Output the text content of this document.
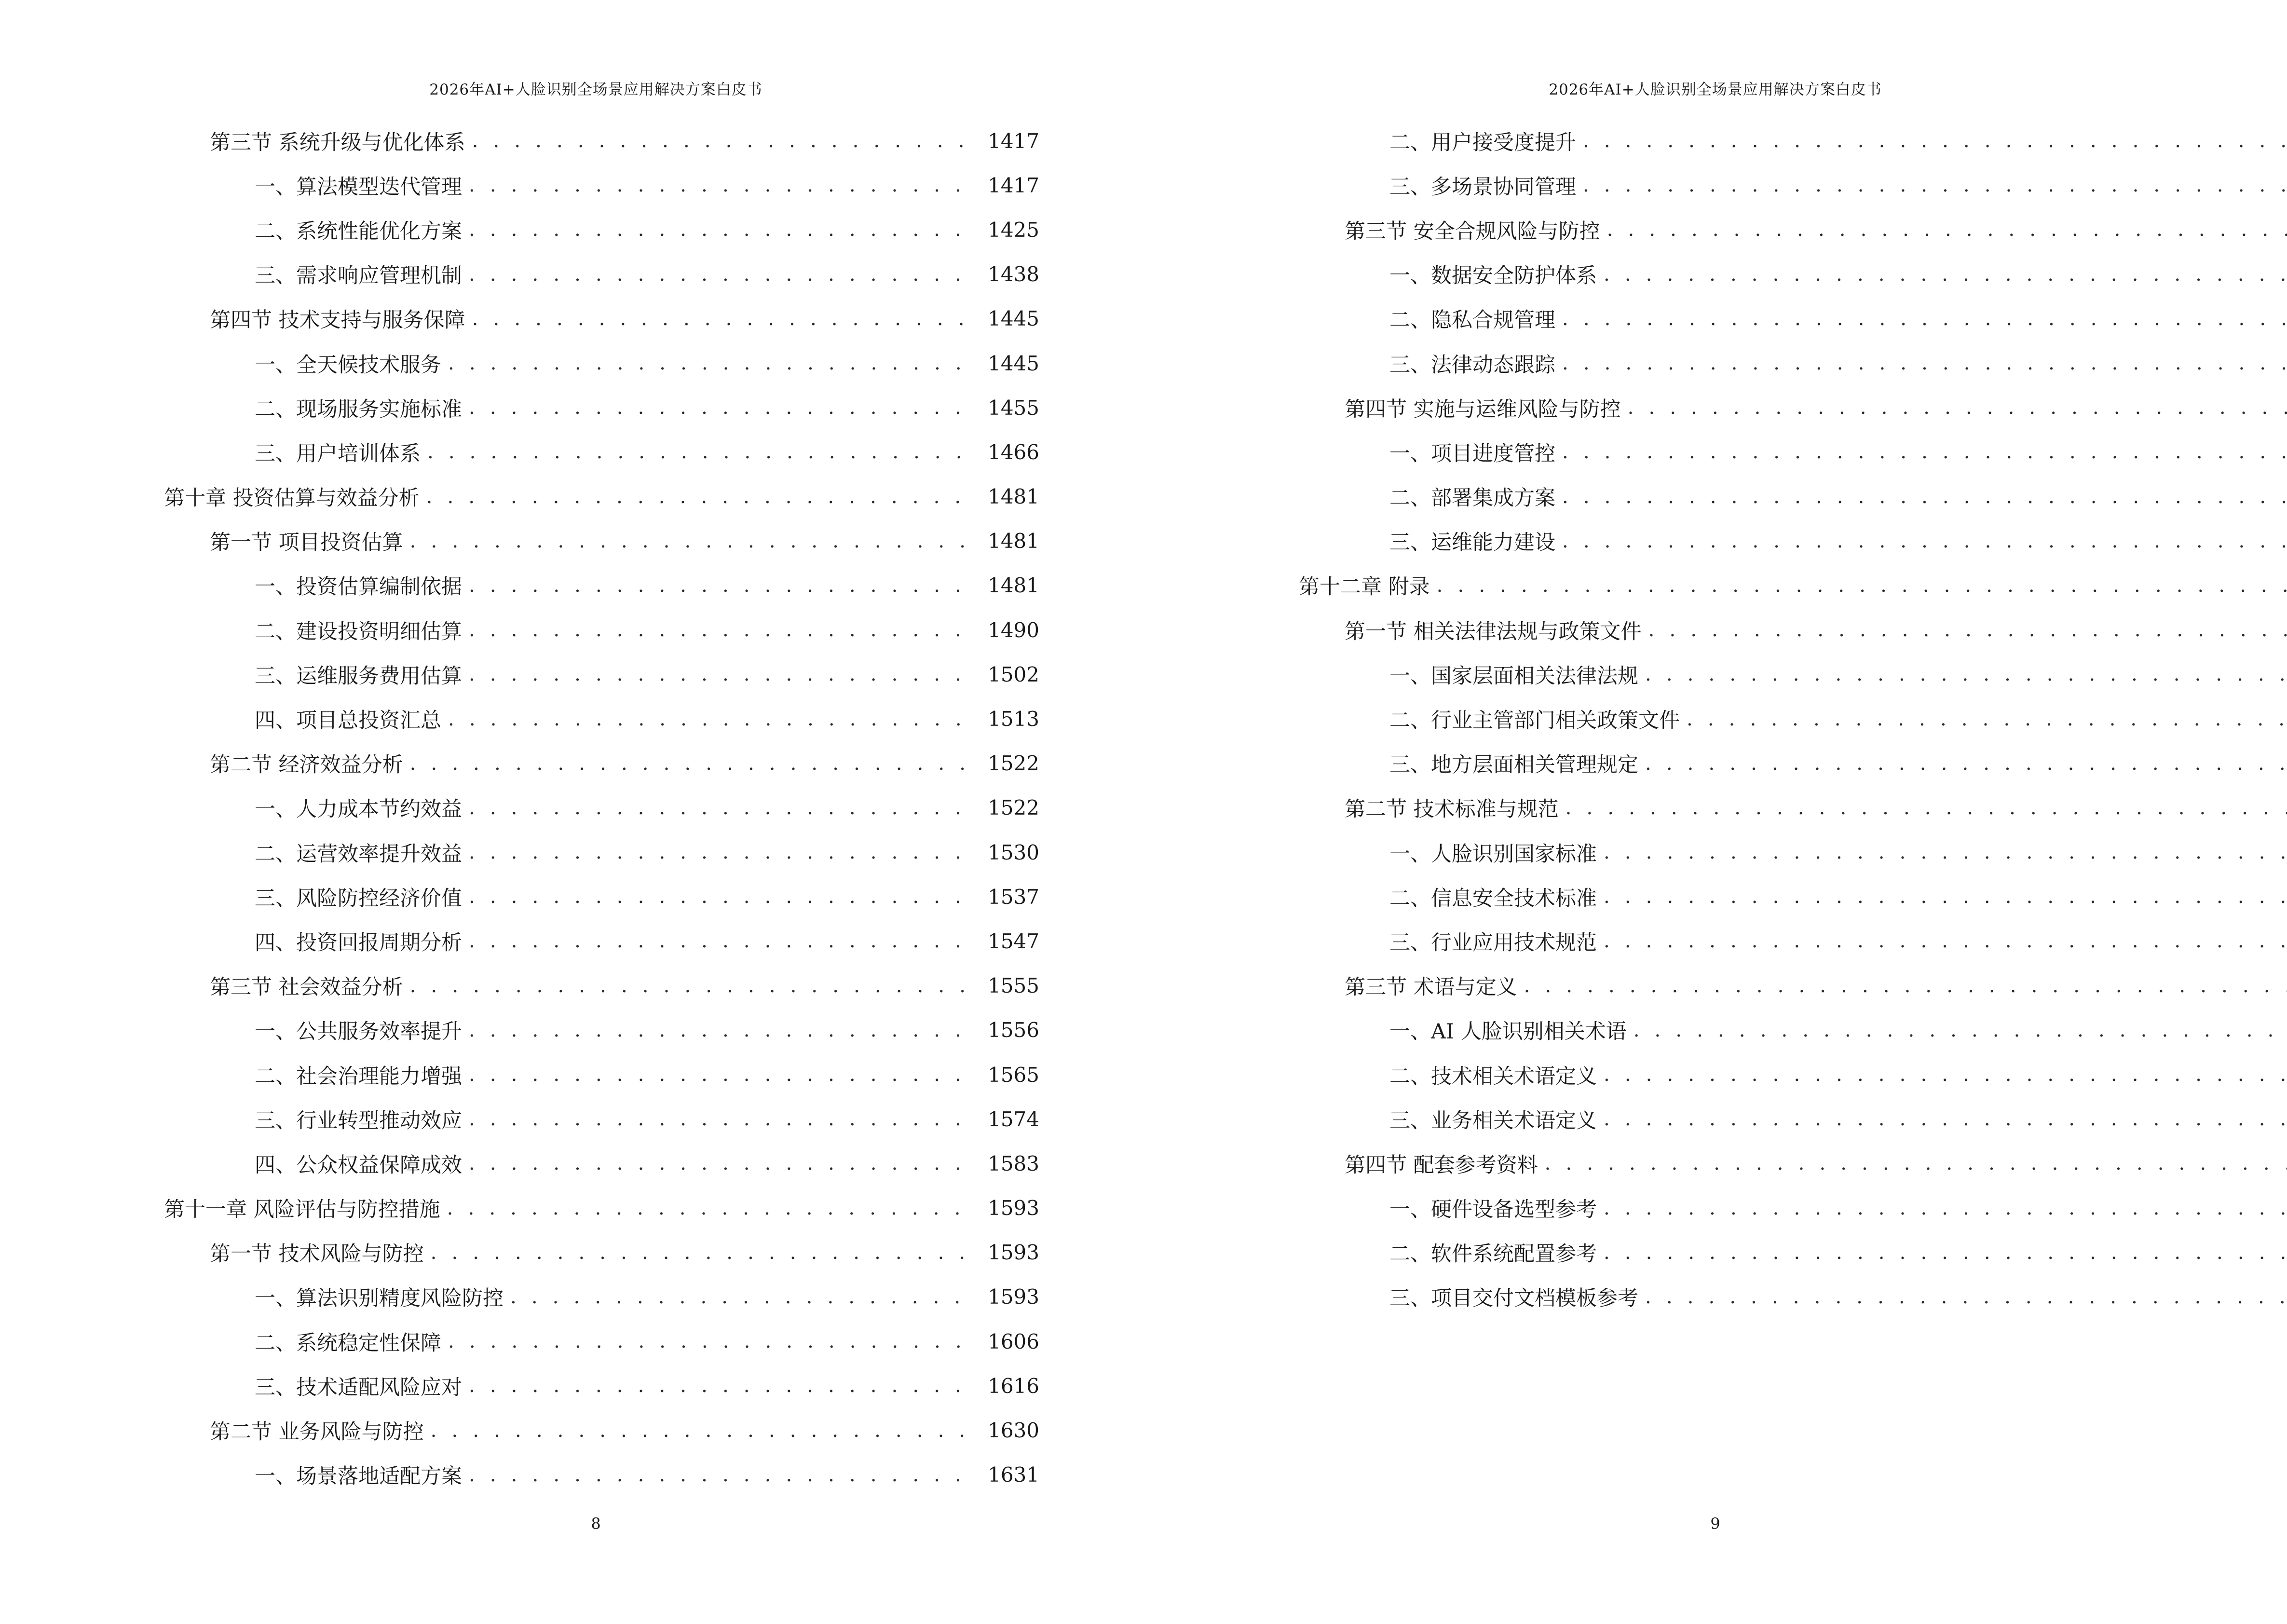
2026年AI+人脸识别全场景应用解决方案白皮书
第三节 系统升级与优化体系 . . .	1417
一、算法模型迭代管理 . . .	1417
二、系统性能优化方案 . . .	1425
三、需求响应管理机制 . . .	1438
第四节 技术支持与服务保障 . . .	1445
一、全天候技术服务 . . .	1445
二、现场服务实施标准 . . .	1455
三、用户培训体系 . . .	1466
第十章 投资估算与效益分析 . . .	1481
第一节 项目投资估算 . . .	1481
一、投资估算编制依据 . . .	1481
二、建设投资明细估算 . . .	1490
三、运维服务费用估算 . . .	1502
四、项目总投资汇总 . . .	1513
第二节 经济效益分析 . . .	1522
一、人力成本节约效益 . . .	1522
二、运营效率提升效益 . . .	1530
三、风险防控经济价值 . . .	1537
四、投资回报周期分析 . . .	1547
第三节 社会效益分析 . . .	1555
一、公共服务效率提升 . . .	1556
二、社会治理能力增强 . . .	1565
三、行业转型推动效应 . . .	1574
四、公众权益保障成效 . . .	1583
第十一章 风险评估与防控措施 . . .	1593
第一节 技术风险与防控 . . .	1593
一、算法识别精度风险防控 . . .	1593
二、系统稳定性保障 . . .	1606
三、技术适配风险应对 . . .	1616
第二节 业务风险与防控 . . .	1630
一、场景落地适配方案 . . .	1631
8
2026年AI+人脸识别全场景应用解决方案白皮书
二、用户接受度提升
. . .
三、多场景协同管理
. . .
第三节 安全合规风险与防控
. . .
一、数据安全防护体系
. . .
二、隐私合规管理
. . .
三、法律动态跟踪
. . .
第四节 实施与运维风险与防控
. . .
一、项目进度管控
. . .
二、部署集成方案
. . .
三、运维能力建设
. . .
第十二章 附录
. . .
第一节 相关法律法规与政策文件
. . .
一、国家层面相关法律法规
. . .
二、行业主管部门相关政策文件
. . .
三、地方层面相关管理规定
. . .
第二节 技术标准与规范
. . .
一、人脸识别国家标准
. . .
二、信息安全技术标准
. . .
三、行业应用技术规范
. . .
第三节 术语与定义
. . .
一、AI 人脸识别相关术语
. . .
二、技术相关术语定义
. . .
三、业务相关术语定义
. . .
第四节 配套参考资料
. . .
一、硬件设备选型参考
. . .
二、软件系统配置参考
. . .
三、项目交付文档模板参考
. . .
9
